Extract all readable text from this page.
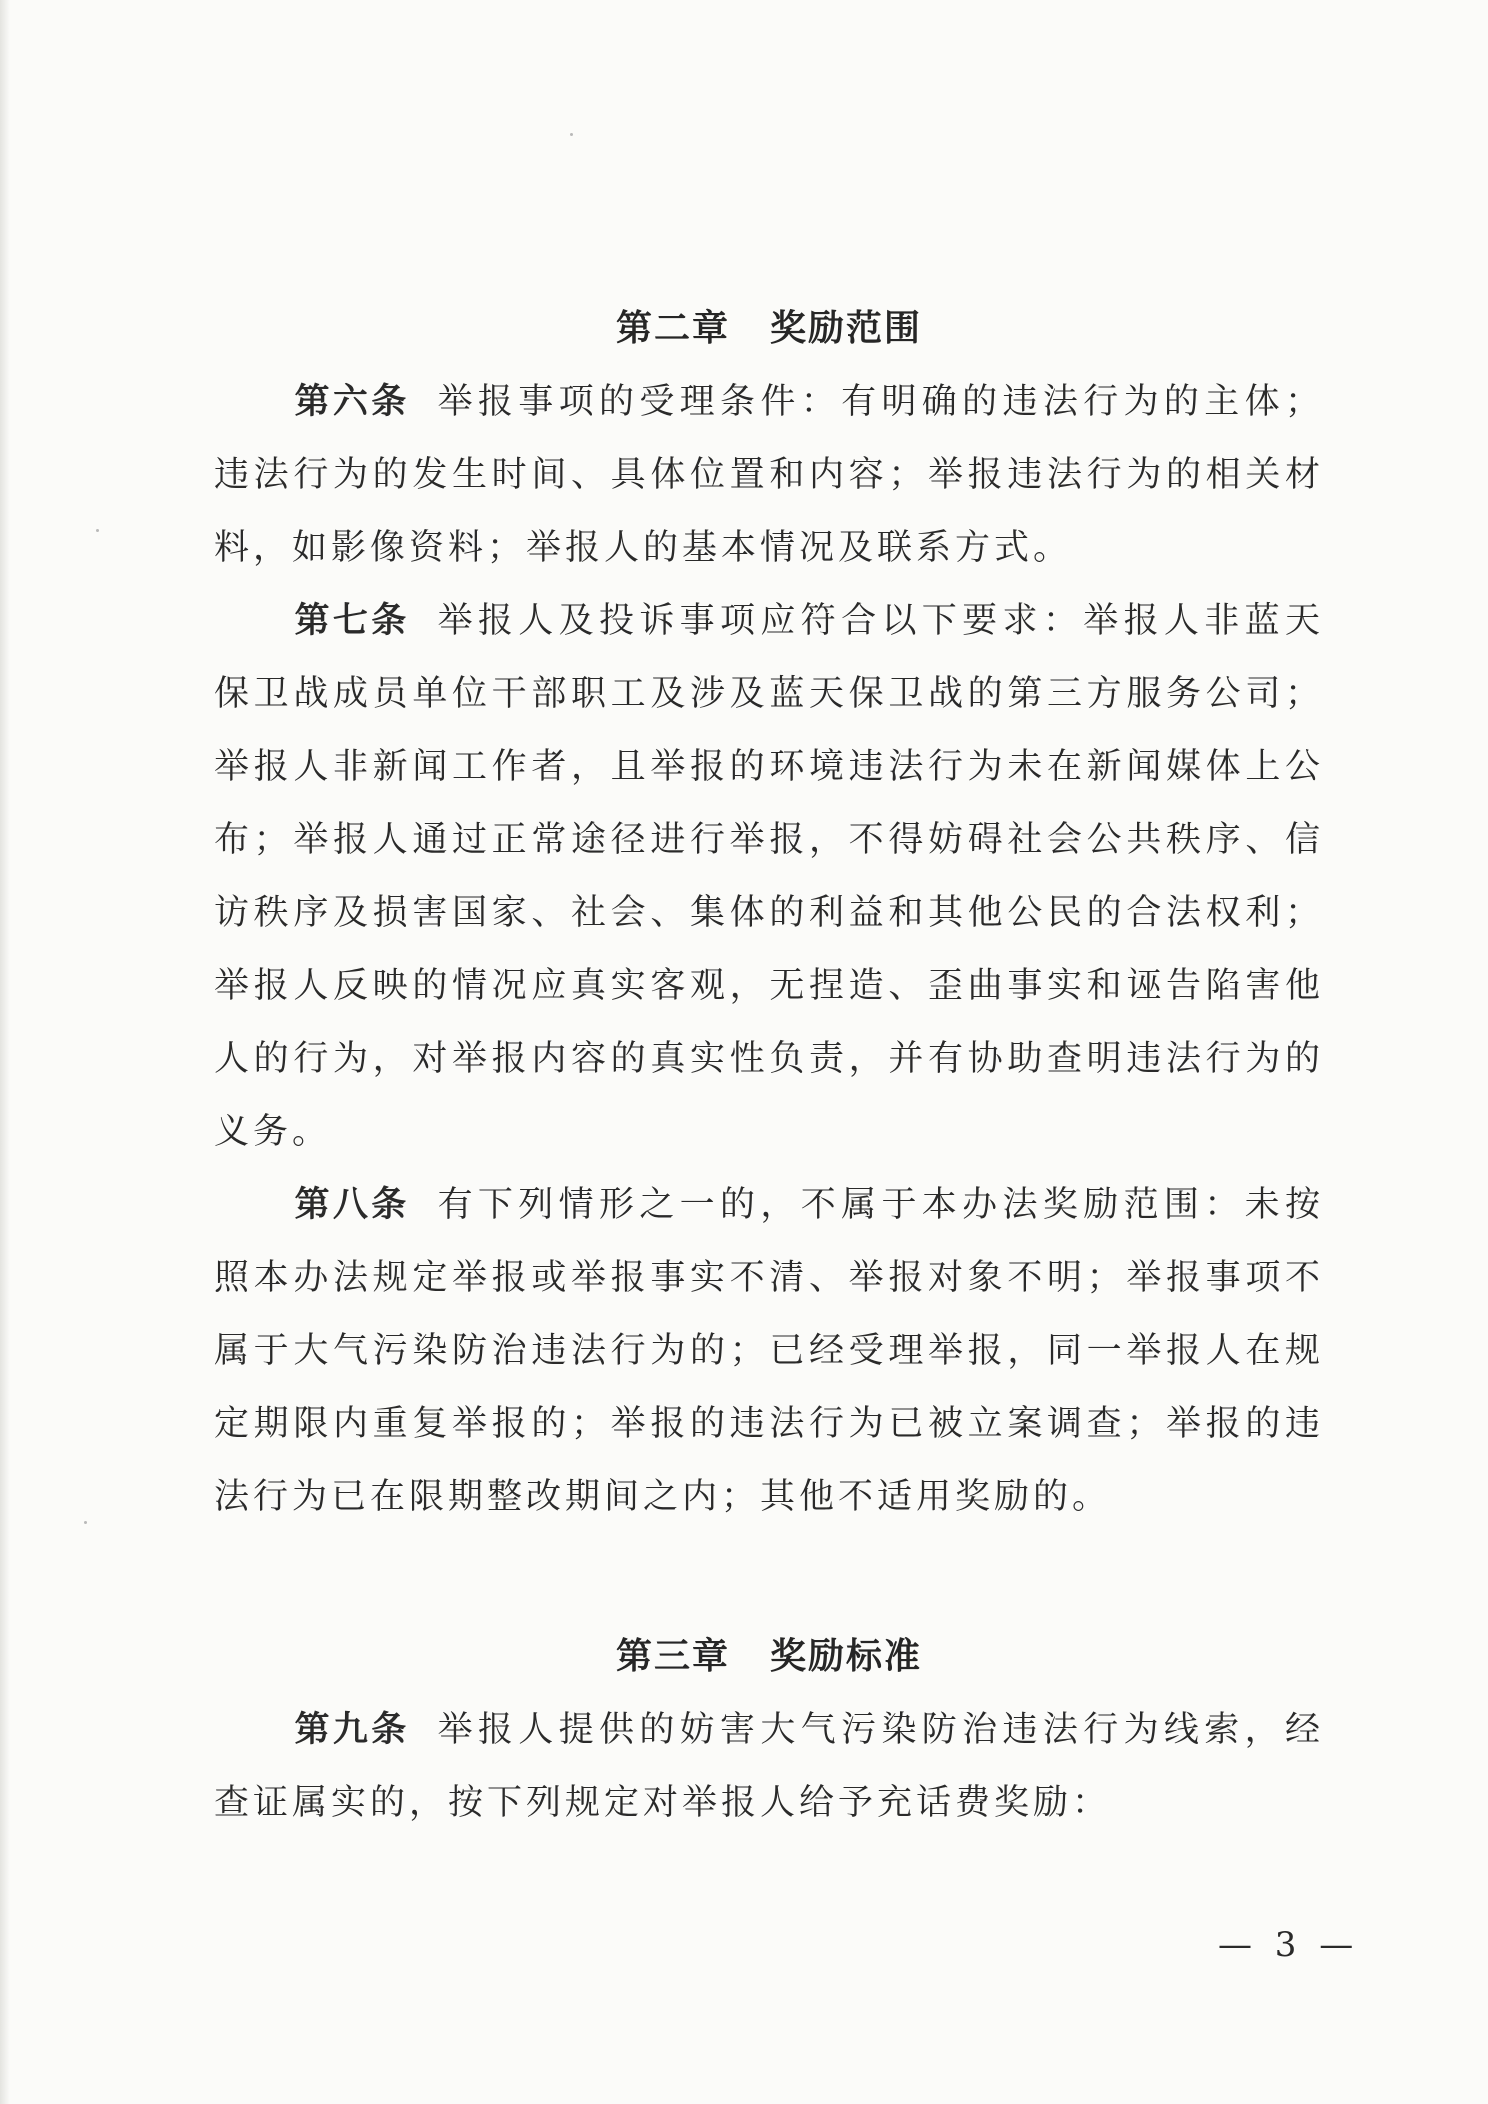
第二章 奖励范围

第六条 举报事项的受理条件：有明确的违法行为的主体；违法行为的发生时间、具体位置和内容；举报违法行为的相关材料，如影像资料；举报人的基本情况及联系方式。

第七条 举报人及投诉事项应符合以下要求：举报人非蓝天保卫战成员单位干部职工及涉及蓝天保卫战的第三方服务公司；举报人非新闻工作者，且举报的环境违法行为未在新闻媒体上公布；举报人通过正常途径进行举报，不得妨碍社会公共秩序、信访秩序及损害国家、社会、集体的利益和其他公民的合法权利；举报人反映的情况应真实客观，无捏造、歪曲事实和诬告陷害他人的行为，对举报内容的真实性负责，并有协助查明违法行为的义务。

第八条 有下列情形之一的，不属于本办法奖励范围：未按照本办法规定举报或举报事实不清、举报对象不明；举报事项不属于大气污染防治违法行为的；已经受理举报，同一举报人在规定期限内重复举报的；举报的违法行为已被立案调查；举报的违法行为已在限期整改期间之内；其他不适用奖励的。

第三章 奖励标准

第九条 举报人提供的妨害大气污染防治违法行为线索，经查证属实的，按下列规定对举报人给予充话费奖励：

— 3 —
